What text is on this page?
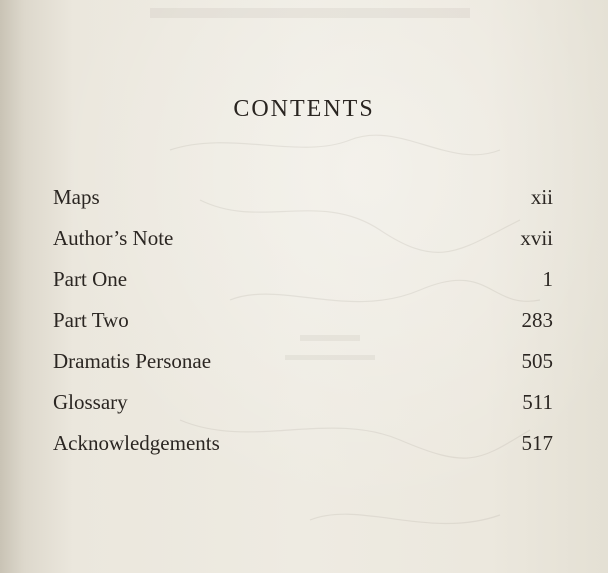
CONTENTS
Maps	xii
Author’s Note	xvii
Part One	1
Part Two	283
Dramatis Personae	505
Glossary	511
Acknowledgements	517
